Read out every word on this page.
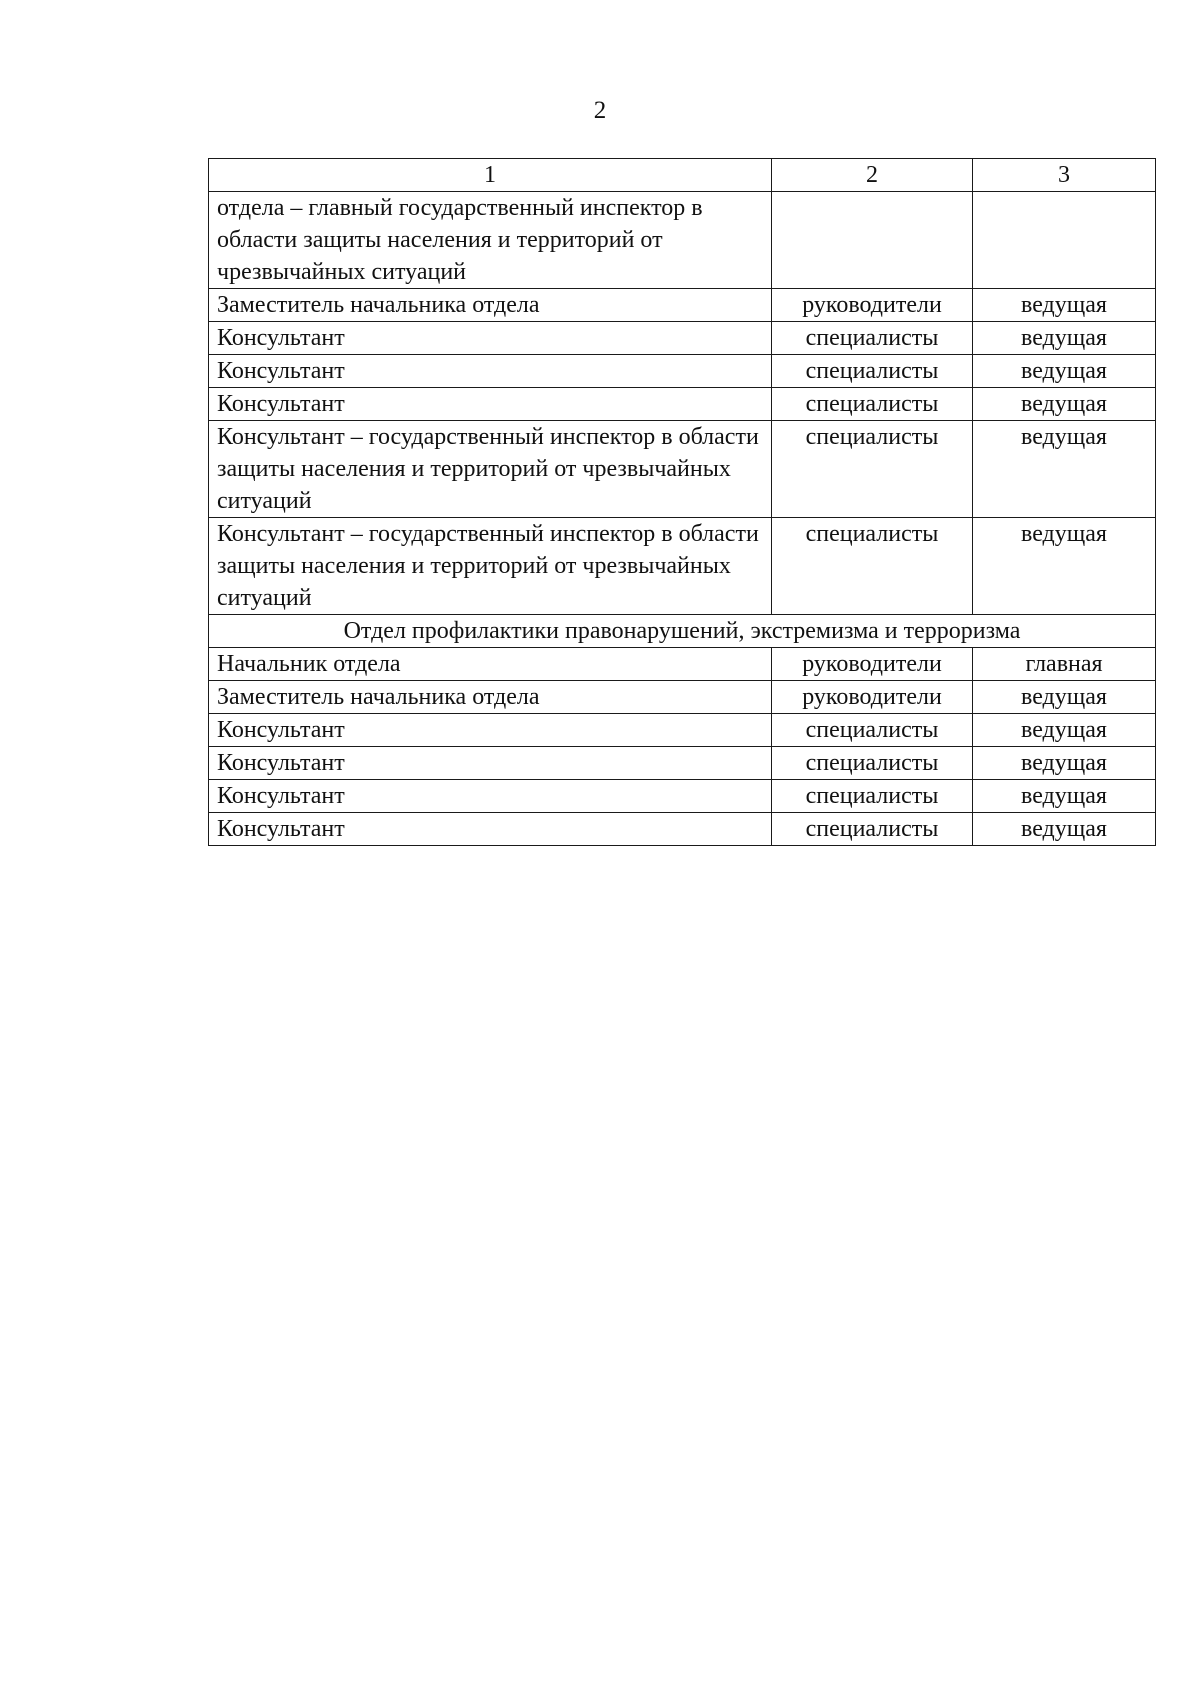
2
1	2	3
отдела – главный государственный инспектор в области защиты населения и территорий от чрезвычайных ситуаций		
Заместитель начальника отдела	руководители	ведущая
Консультант	специалисты	ведущая
Консультант	специалисты	ведущая
Консультант	специалисты	ведущая
Консультант – государственный инспектор в области защиты населения и территорий от чрезвычайных ситуаций	специалисты	ведущая
Консультант – государственный инспектор в области защиты населения и территорий от чрезвычайных ситуаций	специалисты	ведущая
Отдел профилактики правонарушений, экстремизма и терроризма		
Начальник отдела	руководители	главная
Заместитель начальника отдела	руководители	ведущая
Консультант	специалисты	ведущая
Консультант	специалисты	ведущая
Консультант	специалисты	ведущая
Консультант	специалисты	ведущая
